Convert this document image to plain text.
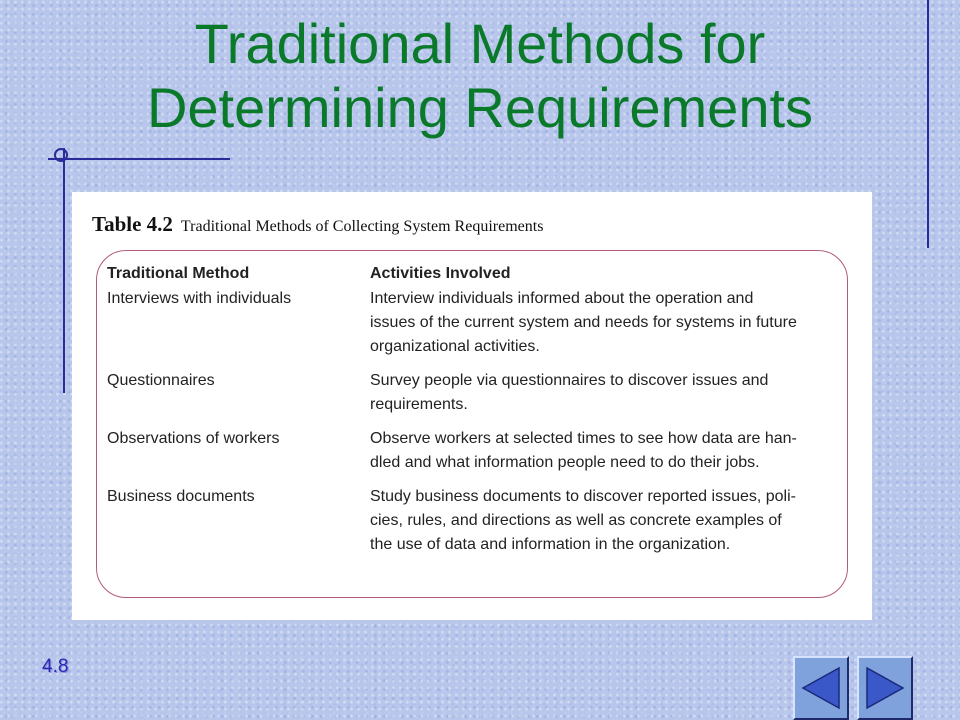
Traditional Methods for
Determining Requirements
Table 4.2 Traditional Methods of Collecting System Requirements
Traditional Method	Activities Involved
Interviews with individuals	Interview individuals informed about the operation and
issues of the current system and needs for systems in future
organizational activities.
Questionnaires	Survey people via questionnaires to discover issues and
requirements.
Observations of workers	Observe workers at selected times to see how data are han-
dled and what information people need to do their jobs.
Business documents	Study business documents to discover reported issues, poli-
cies, rules, and directions as well as concrete examples of
the use of data and information in the organization.
4.8
